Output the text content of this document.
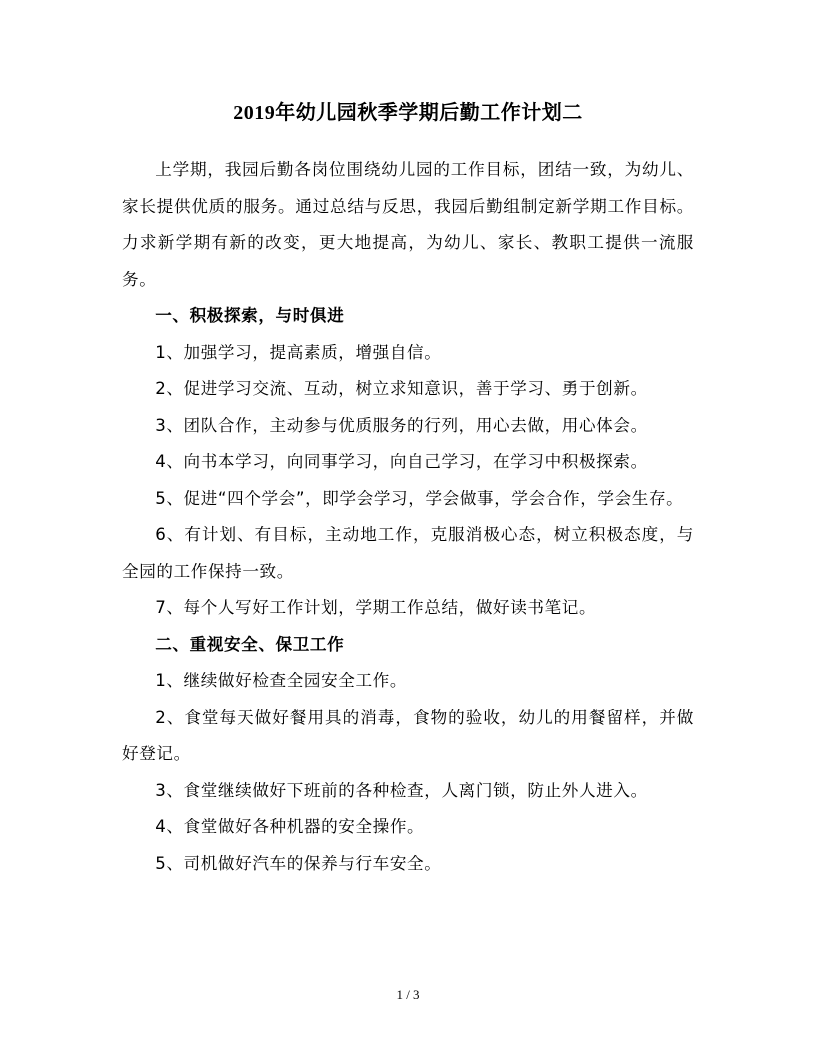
2019年幼儿园秋季学期后勤工作计划二

上学期，我园后勤各岗位围绕幼儿园的工作目标，团结一致，为幼儿、家长提供优质的服务。通过总结与反思，我园后勤组制定新学期工作目标。力求新学期有新的改变，更大地提高，为幼儿、家长、教职工提供一流服务。

一、积极探索，与时俱进

1、加强学习，提高素质，增强自信。

2、促进学习交流、互动，树立求知意识，善于学习、勇于创新。

3、团队合作，主动参与优质服务的行列，用心去做，用心体会。

4、向书本学习，向同事学习，向自己学习，在学习中积极探索。

5、促进“四个学会”，即学会学习，学会做事，学会合作，学会生存。

6、有计划、有目标，主动地工作，克服消极心态，树立积极态度，与全园的工作保持一致。

7、每个人写好工作计划，学期工作总结，做好读书笔记。

二、重视安全、保卫工作

1、继续做好检查全园安全工作。

2、食堂每天做好餐用具的消毒，食物的验收，幼儿的用餐留样，并做好登记。

3、食堂继续做好下班前的各种检查，人离门锁，防止外人进入。

4、食堂做好各种机器的安全操作。

5、司机做好汽车的保养与行车安全。

1 / 3
